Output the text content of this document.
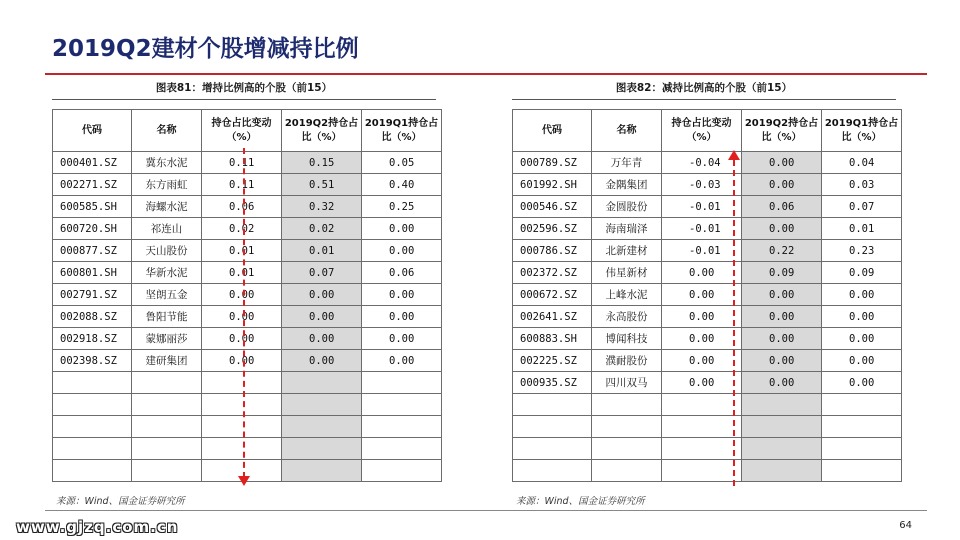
2019Q2建材个股增减持比例
图表81：增持比例高的个股（前15）
代码	名称	持仓占比变动（%）	2019Q2持仓占比（%）	2019Q1持仓占比（%）
000401.SZ	冀东水泥	0.11	0.15	0.05
002271.SZ	东方雨虹	0.11	0.51	0.40
600585.SH	海螺水泥	0.06	0.32	0.25
600720.SH	祁连山	0.02	0.02	0.00
000877.SZ	天山股份	0.01	0.01	0.00
600801.SH	华新水泥	0.01	0.07	0.06
002791.SZ	坚朗五金	0.00	0.00	0.00
002088.SZ	鲁阳节能	0.00	0.00	0.00
002918.SZ	蒙娜丽莎	0.00	0.00	0.00
002398.SZ	建研集团	0.00	0.00	0.00

来源：Wind、国金证券研究所
图表82：减持比例高的个股（前15）
代码	名称	持仓占比变动（%）	2019Q2持仓占比（%）	2019Q1持仓占比（%）
000789.SZ	万年青	-0.04	0.00	0.04
601992.SH	金隅集团	-0.03	0.00	0.03
000546.SZ	金圆股份	-0.01	0.06	0.07
002596.SZ	海南瑞泽	-0.01	0.00	0.01
000786.SZ	北新建材	-0.01	0.22	0.23
002372.SZ	伟星新材	0.00	0.09	0.09
000672.SZ	上峰水泥	0.00	0.00	0.00
002641.SZ	永高股份	0.00	0.00	0.00
600883.SH	博闻科技	0.00	0.00	0.00
002225.SZ	濮耐股份	0.00	0.00	0.00
000935.SZ	四川双马	0.00	0.00	0.00

来源：Wind、国金证券研究所
www.gjzq.com.cn	64
